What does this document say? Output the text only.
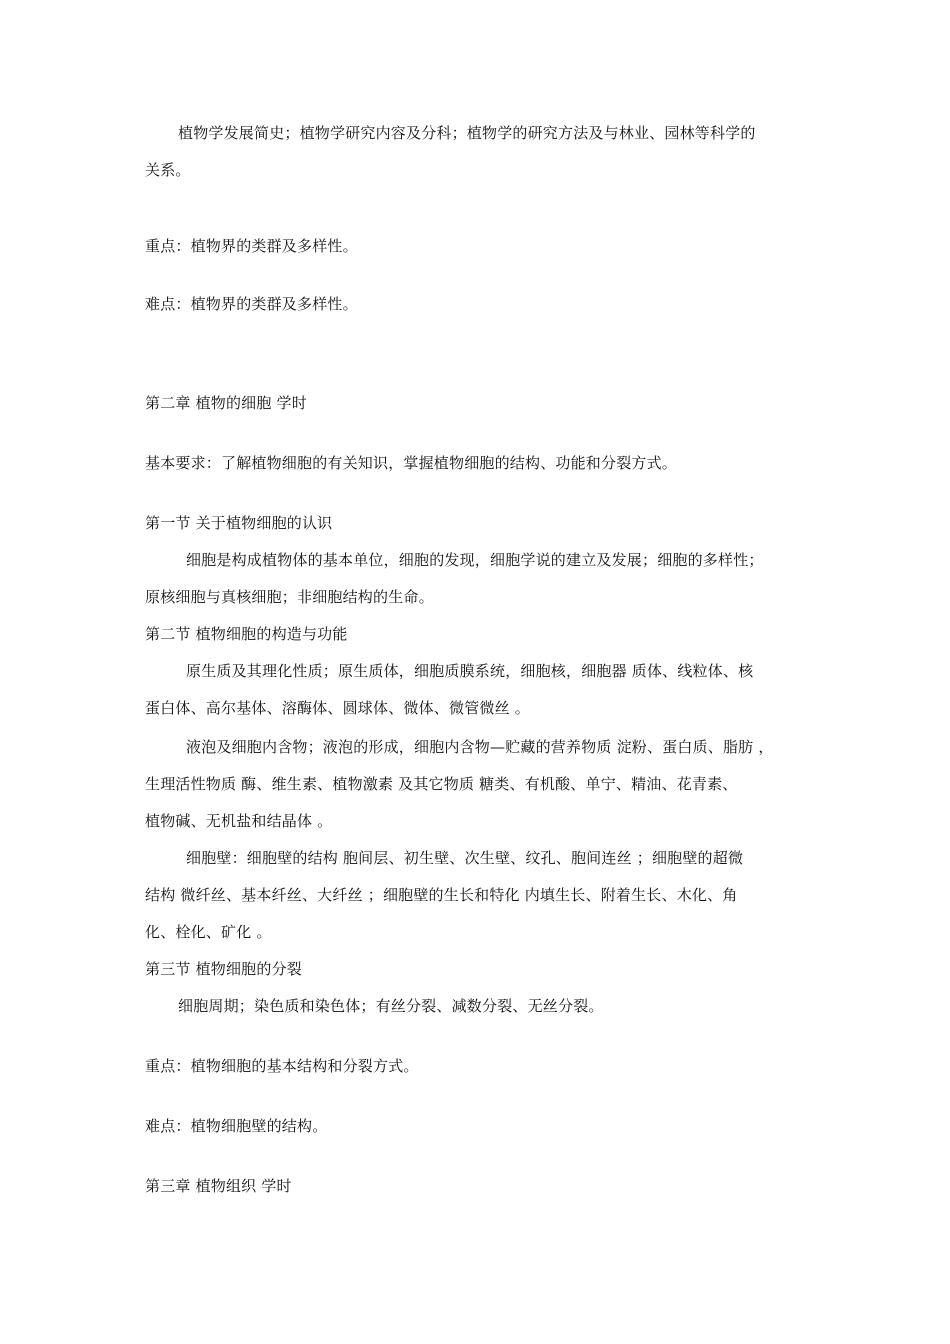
植物学发展简史；植物学研究内容及分科；植物学的研究方法及与林业、园林等科学的
关系。
重点：植物界的类群及多样性。
难点：植物界的类群及多样性。
第二章 植物的细胞 学时
基本要求：了解植物细胞的有关知识，掌握植物细胞的结构、功能和分裂方式。
第一节 关于植物细胞的认识
细胞是构成植物体的基本单位，细胞的发现，细胞学说的建立及发展；细胞的多样性；
原核细胞与真核细胞；非细胞结构的生命。
第二节 植物细胞的构造与功能
原生质及其理化性质；原生质体，细胞质膜系统，细胞核，细胞器 质体、线粒体、核
蛋白体、高尔基体、溶酶体、圆球体、微体、微管微丝 。
液泡及细胞内含物；液泡的形成，细胞内含物—贮藏的营养物质 淀粉、蛋白质、脂肪 ，
生理活性物质 酶、维生素、植物激素 及其它物质 糖类、有机酸、单宁、精油、花青素、
植物碱、无机盐和结晶体 。
细胞壁：细胞壁的结构 胞间层、初生壁、次生壁、纹孔、胞间连丝 ；细胞壁的超微
结构 微纤丝、基本纤丝、大纤丝 ；细胞壁的生长和特化 内填生长、附着生长、木化、角
化、栓化、矿化 。
第三节 植物细胞的分裂
细胞周期；染色质和染色体；有丝分裂、减数分裂、无丝分裂。
重点：植物细胞的基本结构和分裂方式。
难点：植物细胞壁的结构。
第三章 植物组织 学时
